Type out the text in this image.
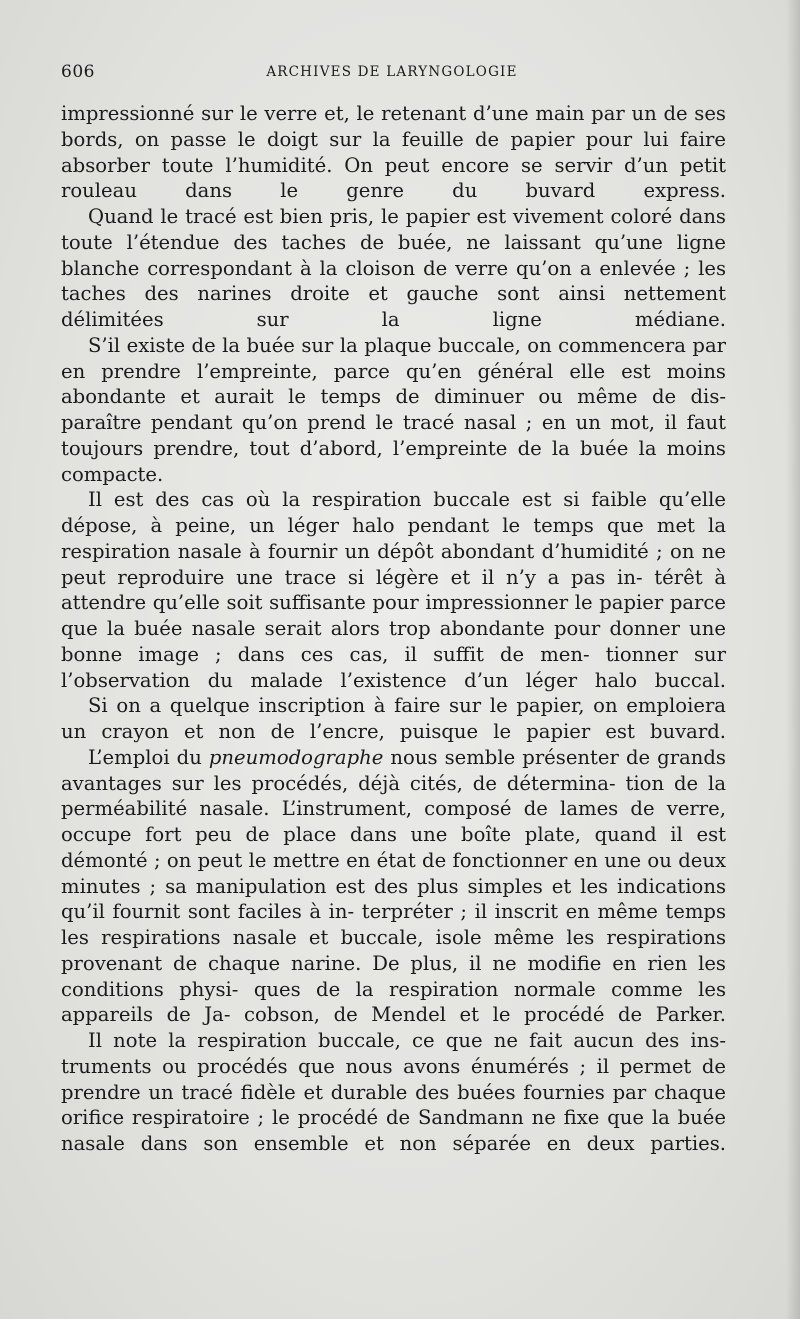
606	ARCHIVES DE LARYNGOLOGIE

impressionné sur le verre et, le retenant d’une main par un de ses bords, on passe le doigt sur la feuille de papier pour lui faire absorber toute l’humidité. On peut encore se servir d’un petit rouleau dans le genre du buvard express.

Quand le tracé est bien pris, le papier est vivement coloré dans toute l’étendue des taches de buée, ne laissant qu’une ligne blanche correspondant à la cloison de verre qu’on a enlevée ; les taches des narines droite et gauche sont ainsi nettement délimitées sur la ligne médiane.

S’il existe de la buée sur la plaque buccale, on commencera par en prendre l’empreinte, parce qu’en général elle est moins abondante et aurait le temps de diminuer ou même de dis- paraître pendant qu’on prend le tracé nasal ; en un mot, il faut toujours prendre, tout d’abord, l’empreinte de la buée la moins compacte.

Il est des cas où la respiration buccale est si faible qu’elle dépose, à peine, un léger halo pendant le temps que met la respiration nasale à fournir un dépôt abondant d’humidité ; on ne peut reproduire une trace si légère et il n’y a pas in- térêt à attendre qu’elle soit suffisante pour impressionner le papier parce que la buée nasale serait alors trop abondante pour donner une bonne image ; dans ces cas, il suffit de men- tionner sur l’observation du malade l’existence d’un léger halo buccal.

Si on a quelque inscription à faire sur le papier, on emploiera un crayon et non de l’encre, puisque le papier est buvard.

L’emploi du pneumodographe nous semble présenter de grands avantages sur les procédés, déjà cités, de détermina- tion de la perméabilité nasale. L’instrument, composé de lames de verre, occupe fort peu de place dans une boîte plate, quand il est démonté ; on peut le mettre en état de fonctionner en une ou deux minutes ; sa manipulation est des plus simples et les indications qu’il fournit sont faciles à in- terpréter ; il inscrit en même temps les respirations nasale et buccale, isole même les respirations provenant de chaque narine. De plus, il ne modifie en rien les conditions physi- ques de la respiration normale comme les appareils de Ja- cobson, de Mendel et le procédé de Parker.

Il note la respiration buccale, ce que ne fait aucun des ins- truments ou procédés que nous avons énumérés ; il permet de prendre un tracé fidèle et durable des buées fournies par chaque orifice respiratoire ; le procédé de Sandmann ne fixe que la buée nasale dans son ensemble et non séparée en deux parties.
